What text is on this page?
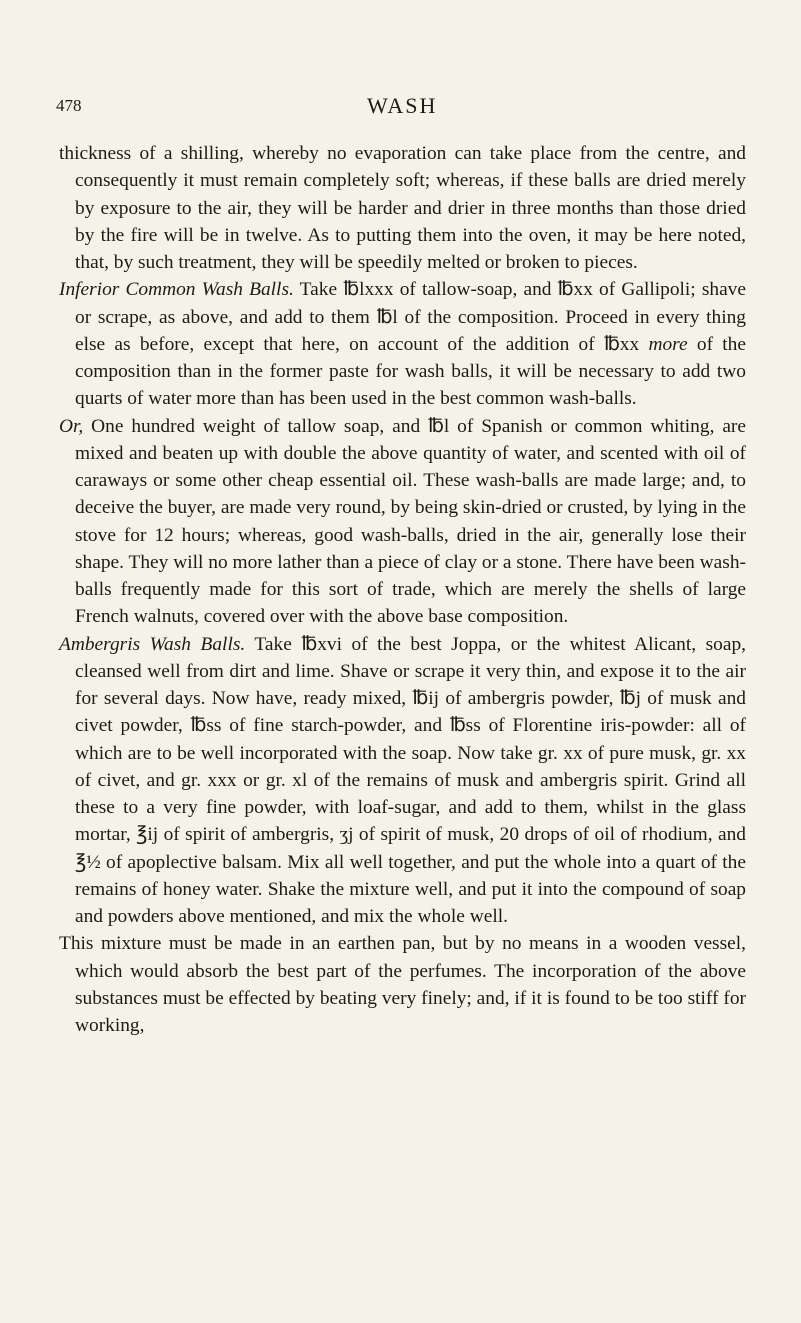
478	WASH

thickness of a shilling, whereby no evaporation can take place from the centre, and consequently it must remain completely soft; whereas, if these balls are dried merely by exposure to the air, they will be harder and drier in three months than those dried by the fire will be in twelve. As to putting them into the oven, it may be here noted, that, by such treatment, they will be speedily melted or broken to pieces.

Inferior Common Wash Balls. Take ℔lxxx of tallow-soap, and ℔xx of Gallipoli; shave or scrape, as above, and add to them ℔l of the composition. Proceed in every thing else as before, except that here, on account of the addition of ℔xx more of the composition than in the former paste for wash balls, it will be necessary to add two quarts of water more than has been used in the best common wash-balls.

Or, One hundred weight of tallow soap, and ℔l of Spanish or common whiting, are mixed and beaten up with double the above quantity of water, and scented with oil of caraways or some other cheap essential oil. These wash-balls are made large; and, to deceive the buyer, are made very round, by being skin-dried or crusted, by lying in the stove for 12 hours; whereas, good wash-balls, dried in the air, generally lose their shape. They will no more lather than a piece of clay or a stone. There have been wash-balls frequently made for this sort of trade, which are merely the shells of large French walnuts, covered over with the above base composition.

Ambergris Wash Balls. Take ℔xvi of the best Joppa, or the whitest Alicant, soap, cleansed well from dirt and lime. Shave or scrape it very thin, and expose it to the air for several days. Now have, ready mixed, ℔ij of ambergris powder, ℔j of musk and civet powder, ℔ss of fine starch-powder, and ℔ss of Florentine iris-powder: all of which are to be well incorporated with the soap. Now take gr. xx of pure musk, gr. xx of civet, and gr. xxx or gr. xl of the remains of musk and ambergris spirit. Grind all these to a very fine powder, with loaf-sugar, and add to them, whilst in the glass mortar, ℥ij of spirit of ambergris, ʒj of spirit of musk, 20 drops of oil of rhodium, and ℥½ of apoplective balsam. Mix all well together, and put the whole into a quart of the remains of honey water. Shake the mixture well, and put it into the compound of soap and powders above mentioned, and mix the whole well.

This mixture must be made in an earthen pan, but by no means in a wooden vessel, which would absorb the best part of the perfumes. The incorporation of the above substances must be effected by beating very finely; and, if it is found to be too stiff for working,
